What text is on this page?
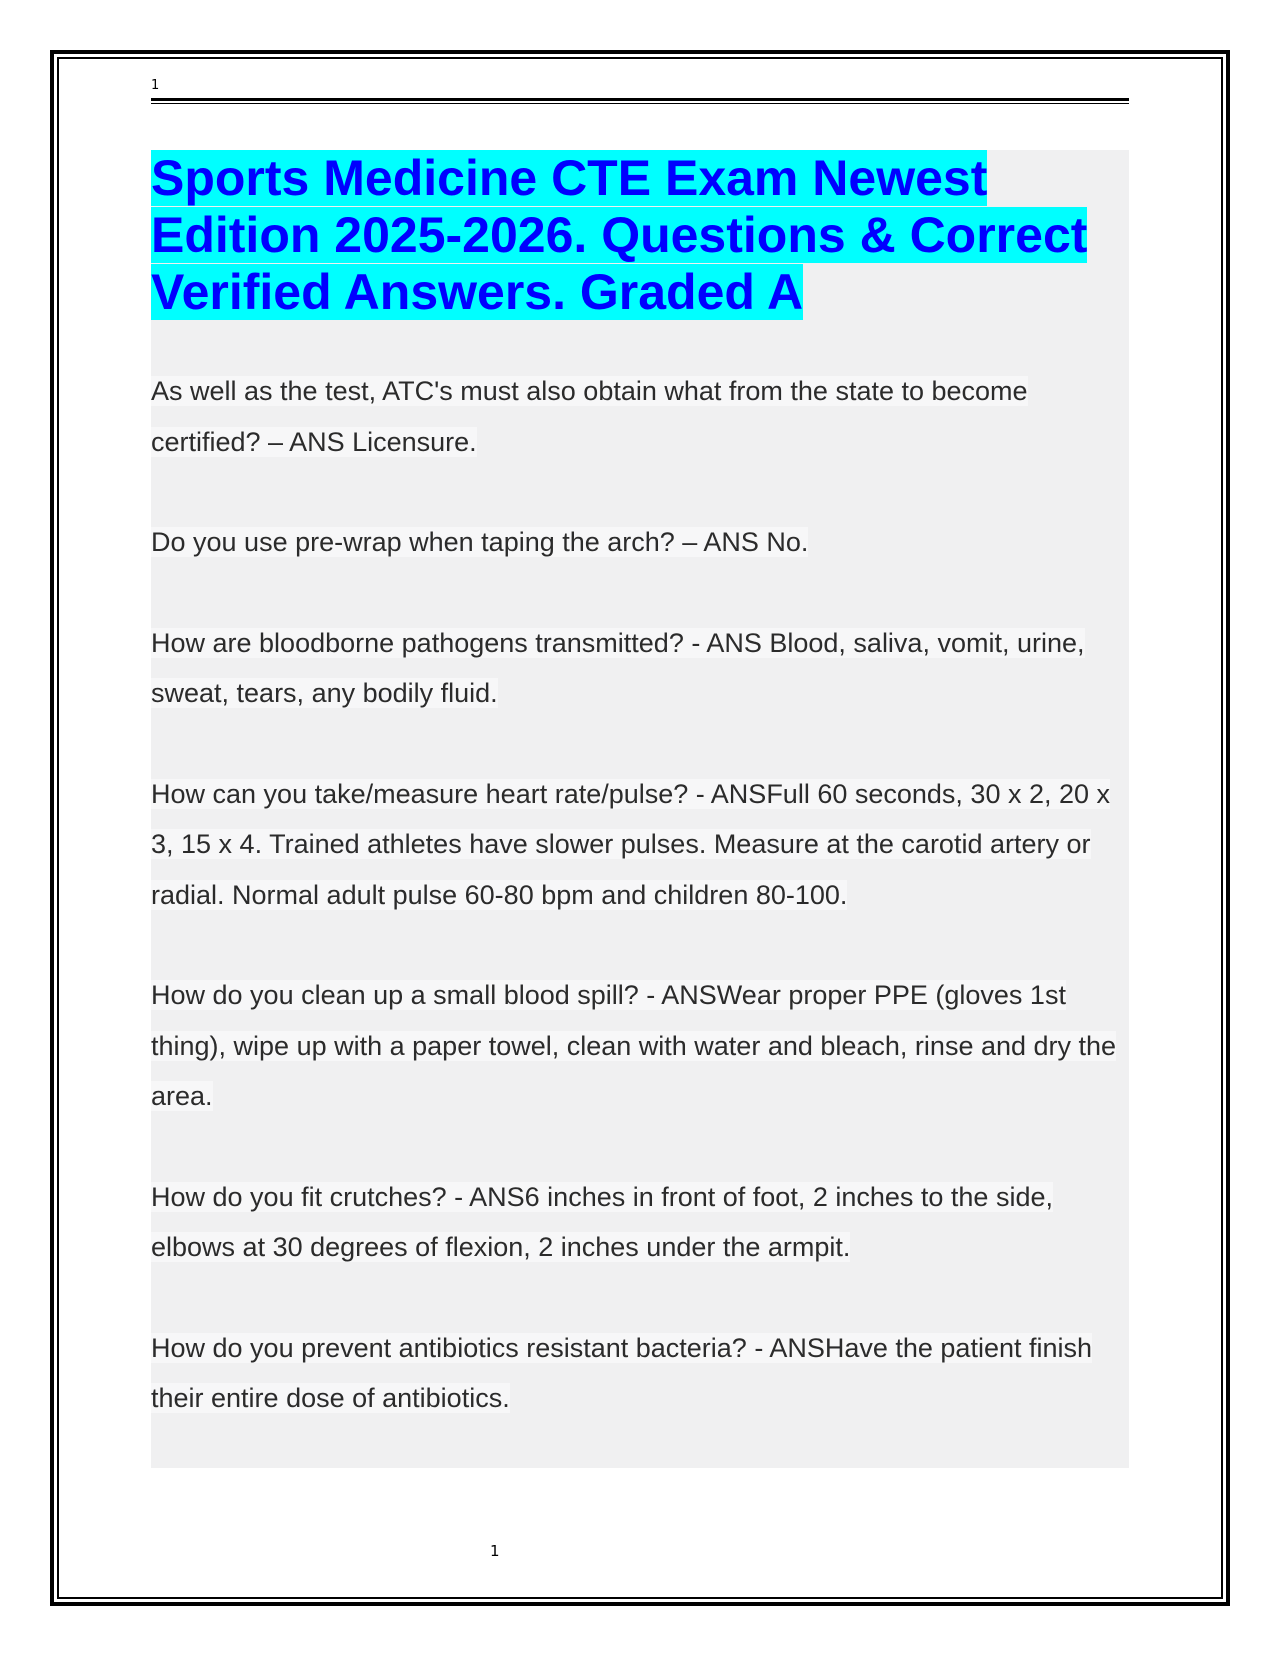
1
Sports Medicine CTE Exam Newest Edition 2025-2026. Questions & Correct Verified Answers. Graded A
As well as the test, ATC's must also obtain what from the state to become certified? – ANS Licensure.
Do you use pre-wrap when taping the arch? – ANS No.
How are bloodborne pathogens transmitted? - ANS Blood, saliva, vomit, urine, sweat, tears, any bodily fluid.
How can you take/measure heart rate/pulse? - ANSFull 60 seconds, 30 x 2, 20 x 3, 15 x 4. Trained athletes have slower pulses. Measure at the carotid artery or radial. Normal adult pulse 60-80 bpm and children 80-100.
How do you clean up a small blood spill? - ANSWear proper PPE (gloves 1st thing), wipe up with a paper towel, clean with water and bleach, rinse and dry the area.
How do you fit crutches? - ANS6 inches in front of foot, 2 inches to the side, elbows at 30 degrees of flexion, 2 inches under the armpit.
How do you prevent antibiotics resistant bacteria? - ANSHave the patient finish their entire dose of antibiotics.
1
